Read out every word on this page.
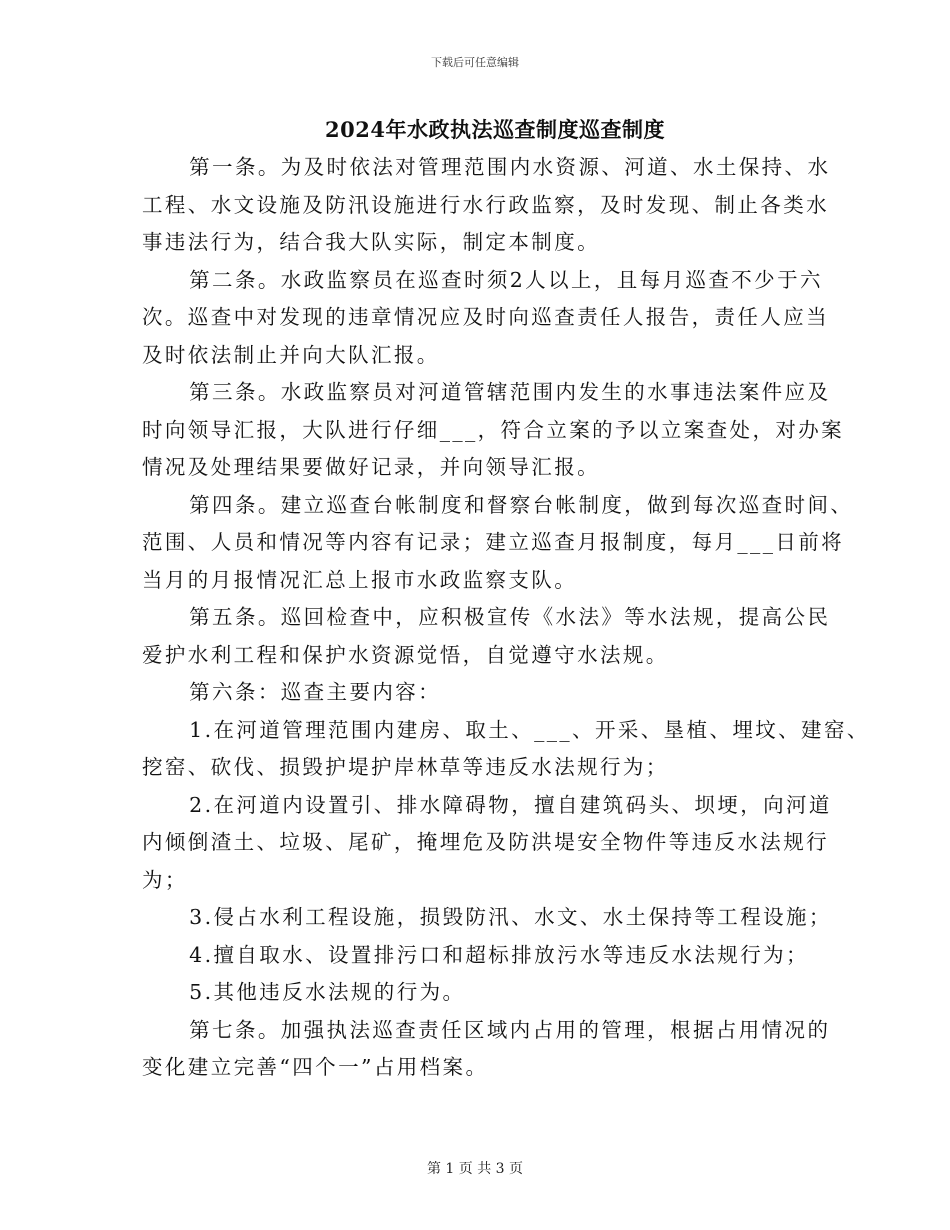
下载后可任意编辑
2024年水政执法巡查制度巡查制度
第一条。为及时依法对管理范围内水资源、河道、水土保持、水
工程、水文设施及防汛设施进行水行政监察，及时发现、制止各类水
事违法行为，结合我大队实际，制定本制度。
第二条。水政监察员在巡查时须2人以上，且每月巡查不少于六
次。巡查中对发现的违章情况应及时向巡查责任人报告，责任人应当
及时依法制止并向大队汇报。
第三条。水政监察员对河道管辖范围内发生的水事违法案件应及
时向领导汇报，大队进行仔细___，符合立案的予以立案查处，对办案
情况及处理结果要做好记录，并向领导汇报。
第四条。建立巡查台帐制度和督察台帐制度，做到每次巡查时间、
范围、人员和情况等内容有记录；建立巡查月报制度，每月___日前将
当月的月报情况汇总上报市水政监察支队。
第五条。巡回检查中，应积极宣传《水法》等水法规，提高公民
爱护水利工程和保护水资源觉悟，自觉遵守水法规。
第六条：巡查主要内容：
1.在河道管理范围内建房、取土、___、开采、垦植、埋坟、建窑、
挖窑、砍伐、损毁护堤护岸林草等违反水法规行为；
2.在河道内设置引、排水障碍物，擅自建筑码头、坝埂，向河道
内倾倒渣土、垃圾、尾矿，掩埋危及防洪堤安全物件等违反水法规行
为；
3.侵占水利工程设施，损毁防汛、水文、水土保持等工程设施；
4.擅自取水、设置排污口和超标排放污水等违反水法规行为；
5.其他违反水法规的行为。
第七条。加强执法巡查责任区域内占用的管理，根据占用情况的
变化建立完善“四个一”占用档案。
第 1 页 共 3 页
